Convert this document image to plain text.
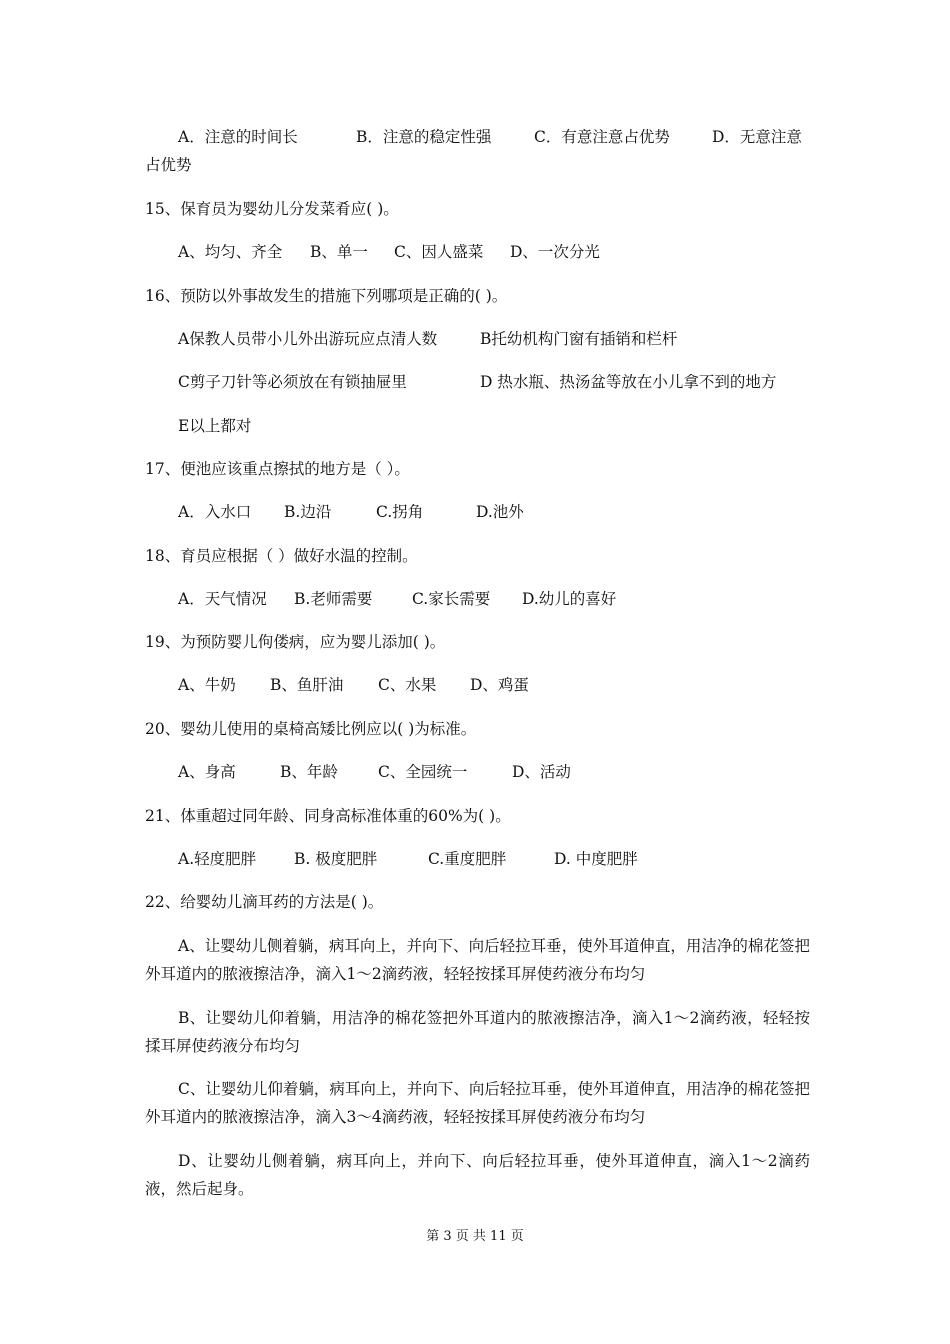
A．注意的时间长	B．注意的稳定性强	C．有意注意占优势	D．无意注意
占优势
15、保育员为婴幼儿分发菜肴应( )。
A、均匀、齐全 B、单一 C、因人盛菜 D、一次分光
16、预防以外事故发生的措施下列哪项是正确的( )。
A保教人员带小儿外出游玩应点清人数	B托幼机构门窗有插销和栏杆
C剪子刀针等必须放在有锁抽屉里	D 热水瓶、热汤盆等放在小儿拿不到的地方
E以上都对
17、便池应该重点擦拭的地方是（ ）。
A．入水口 B.边沿	C.拐角	D.池外
18、育员应根据（ ）做好水温的控制。
A．天气情况 B.老师需要	C.家长需要 D.幼儿的喜好
19、为预防婴儿佝偻病，应为婴儿添加( )。
A、牛奶 B、鱼肝油 C、水果 D、鸡蛋
20、婴幼儿使用的桌椅高矮比例应以( )为标准。
A、身高	B、年龄	C、全园统一	D、活动
21、体重超过同年龄、同身高标准体重的60%为( )。
A.轻度肥胖 B. 极度肥胖	C.重度肥胖	D. 中度肥胖
22、给婴幼儿滴耳药的方法是( )。
A、让婴幼儿侧着躺，病耳向上，并向下、向后轻拉耳垂，使外耳道伸直，用洁净的棉花签把外耳道内的脓液擦洁净，滴入1～2滴药液，轻轻按揉耳屏使药液分布均匀
B、让婴幼儿仰着躺，用洁净的棉花签把外耳道内的脓液擦洁净，滴入1～2滴药液，轻轻按揉耳屏使药液分布均匀
C、让婴幼儿仰着躺，病耳向上，并向下、向后轻拉耳垂，使外耳道伸直，用洁净的棉花签把外耳道内的脓液擦洁净，滴入3～4滴药液，轻轻按揉耳屏使药液分布均匀
D、让婴幼儿侧着躺，病耳向上，并向下、向后轻拉耳垂，使外耳道伸直，滴入1～2滴药液，然后起身。
第 3 页 共 11 页
